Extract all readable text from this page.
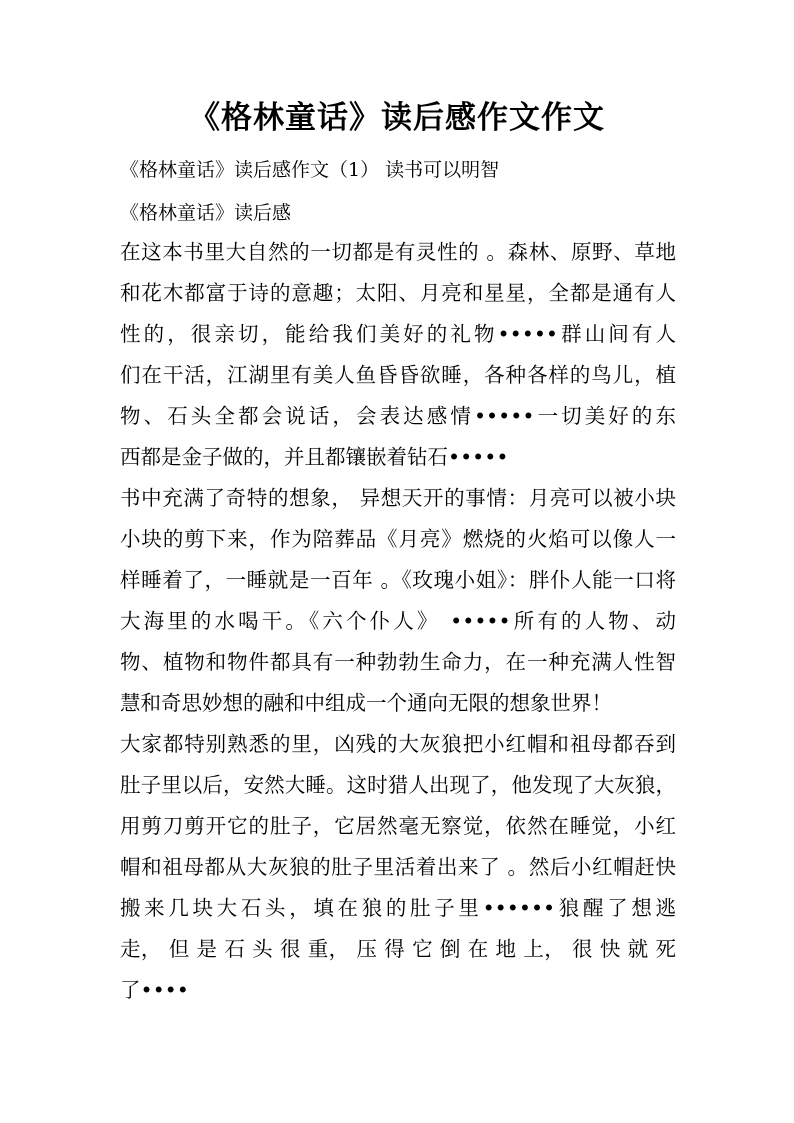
《格林童话》读后感作文作文
《格林童话》读后感作文（1） 读书可以明智
《格林童话》读后感
在这本书里大自然的一切都是有灵性的 。森林、原野、草地
和花木都富于诗的意趣；太阳、月亮和星星，全都是通有人
性的，很亲切，能给我们美好的礼物•••••群山间有人
们在干活，江湖里有美人鱼昏昏欲睡，各种各样的鸟儿，植
物、石头全都会说话，会表达感情•••••一切美好的东
西都是金子做的，并且都镶嵌着钻石•••••
书中充满了奇特的想象， 异想天开的事情：月亮可以被小块
小块的剪下来，作为陪葬品《月亮》燃烧的火焰可以像人一
样睡着了，一睡就是一百年 。《玫瑰小姐》：胖仆人能一口将
大海里的水喝干。《六个仆人》 •••••所有的人物、动
物、植物和物件都具有一种勃勃生命力，在一种充满人性智
慧和奇思妙想的融和中组成一个通向无限的想象世界！
大家都特别熟悉的里，凶残的大灰狼把小红帽和祖母都吞到
肚子里以后，安然大睡。这时猎人出现了，他发现了大灰狼，
用剪刀剪开它的肚子，它居然毫无察觉，依然在睡觉，小红
帽和祖母都从大灰狼的肚子里活着出来了 。然后小红帽赶快
搬来几块大石头，填在狼的肚子里••••••狼醒了想逃
走， 但 是 石 头 很 重， 压 得 它 倒 在 地 上， 很 快 就 死
了••••
